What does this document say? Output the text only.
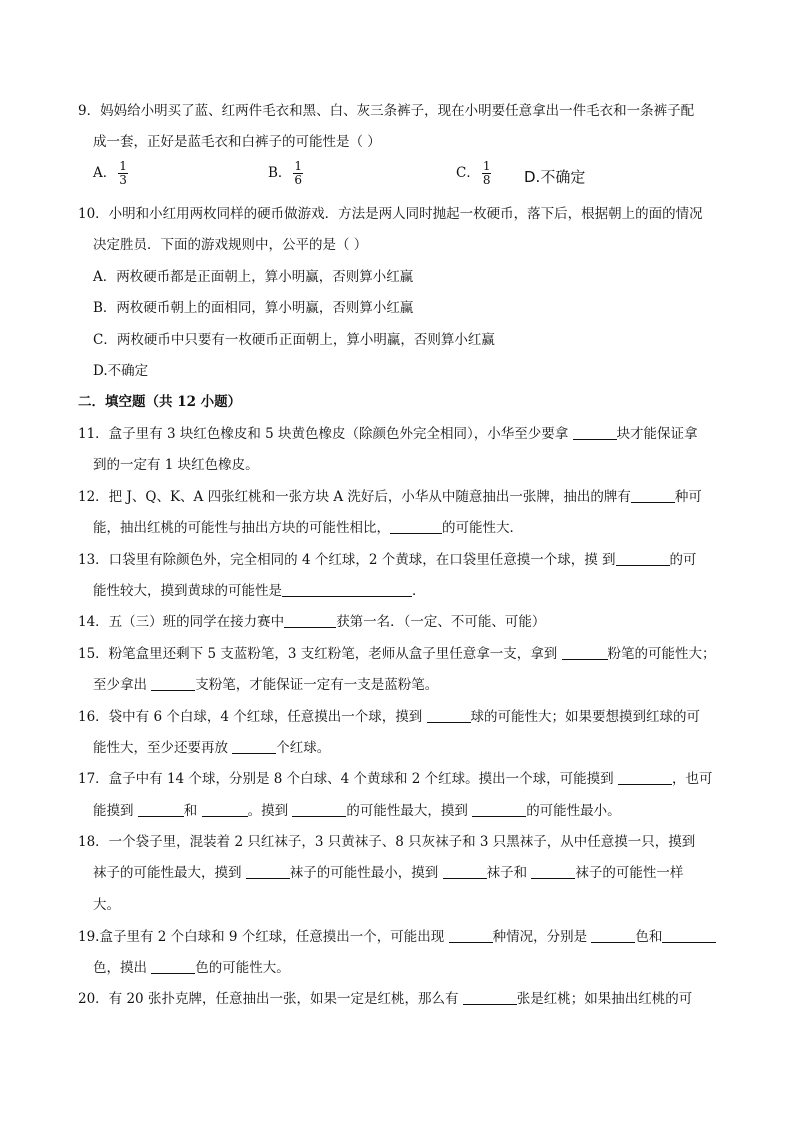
9．妈妈给小明买了蓝、红两件毛衣和黑、白、灰三条裤子，现在小明要任意拿出一件毛衣和一条裤子配
成一套，正好是蓝毛衣和白裤子的可能性是（ ）
A． $\frac{1}{3}$	B． $\frac{1}{6}$	C． $\frac{1}{8} D$.不确定
10．小明和小红用两枚同样的硬币做游戏．方法是两人同时抛起一枚硬币，落下后，根据朝上的面的情况
决定胜员．下面的游戏规则中，公平的是（ ）
A．两枚硬币都是正面朝上，算小明赢，否则算小红赢
B．两枚硬币朝上的面相同，算小明赢，否则算小红赢
C．两枚硬币中只要有一枚硬币正面朝上，算小明赢，否则算小红赢
D.不确定
二．填空题（共 12 小题）
11．盒子里有 3 块红色橡皮和 5 块黄色橡皮（除颜色外完全相同），小华至少要拿	块才能保证拿
到的一定有 1 块红色橡皮。
12．把 J、Q、K、A 四张红桃和一张方块 A 洗好后，小华从中随意抽出一张牌，抽出的牌有	种可
能，抽出红桃的可能性与抽出方块的可能性相比，	的可能性大．
13．口袋里有除颜色外，完全相同的 4 个红球，2 个黄球，在口袋里任意摸一个球，摸 到	的可
能性较大，摸到黄球的可能性是	．
14．五（三）班的同学在接力赛中	获第一名．（一定、不可能、可能）
15．粉笔盒里还剩下 5 支蓝粉笔，3 支红粉笔，老师从盒子里任意拿一支，拿到	粉笔的可能性大；
至少拿出	支粉笔，才能保证一定有一支是蓝粉笔。
16．袋中有 6 个白球，4 个红球，任意摸出一个球，摸到	球的可能性大；如果要想摸到红球的可
能性大，至少还要再放	个红球。
17．盒子中有 14 个球，分别是 8 个白球、4 个黄球和 2 个红球。摸出一个球，可能摸到	，也可
能摸到	和	。摸到	的可能性最大，摸到	的可能性最小。
18．一个袋子里，混装着 2 只红袜子，3 只黄袜子、8 只灰袜子和 3 只黑袜子，从中任意摸一只，摸到
袜子的可能性最大，摸到	袜子的可能性最小，摸到	袜子和	袜子的可能性一样
大。
19.盒子里有 2 个白球和 9 个红球，任意摸出一个，可能出现	种情况，分别是	色和
色，摸出	色的可能性大。
20．有 20 张扑克牌，任意抽出一张，如果一定是红桃，那么有	张是红桃；如果抽出红桃的可
